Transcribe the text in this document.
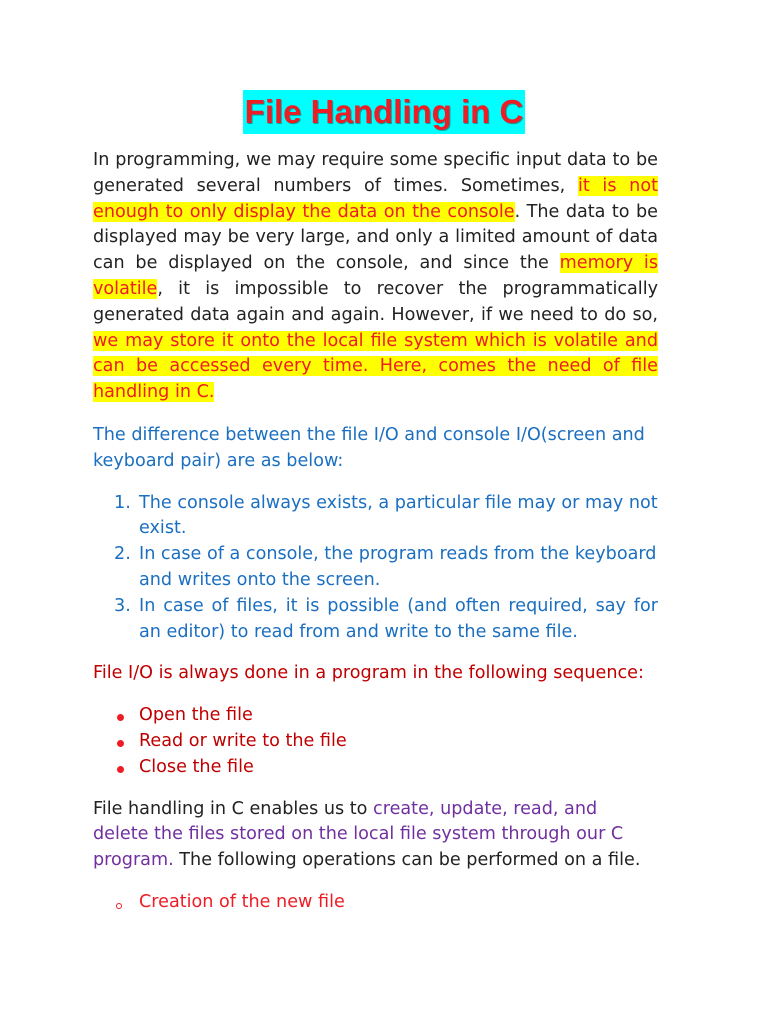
File Handling in C

In programming, we may require some specific input data to be generated several numbers of times. Sometimes, it is not enough to only display the data on the console. The data to be displayed may be very large, and only a limited amount of data can be displayed on the console, and since the memory is volatile, it is impossible to recover the programmatically generated data again and again. However, if we need to do so, we may store it onto the local file system which is volatile and can be accessed every time. Here, comes the need of file handling in C.

The difference between the file I/O and console I/O(screen and keyboard pair) are as below:

1. The console always exists, a particular file may or may not exist.
2. In case of a console, the program reads from the keyboard and writes onto the screen.
3. In case of files, it is possible (and often required, say for an editor) to read from and write to the same file.

File I/O is always done in a program in the following sequence:

Open the file
Read or write to the file
Close the file

File handling in C enables us to create, update, read, and delete the files stored on the local file system through our C program. The following operations can be performed on a file.

Creation of the new file
